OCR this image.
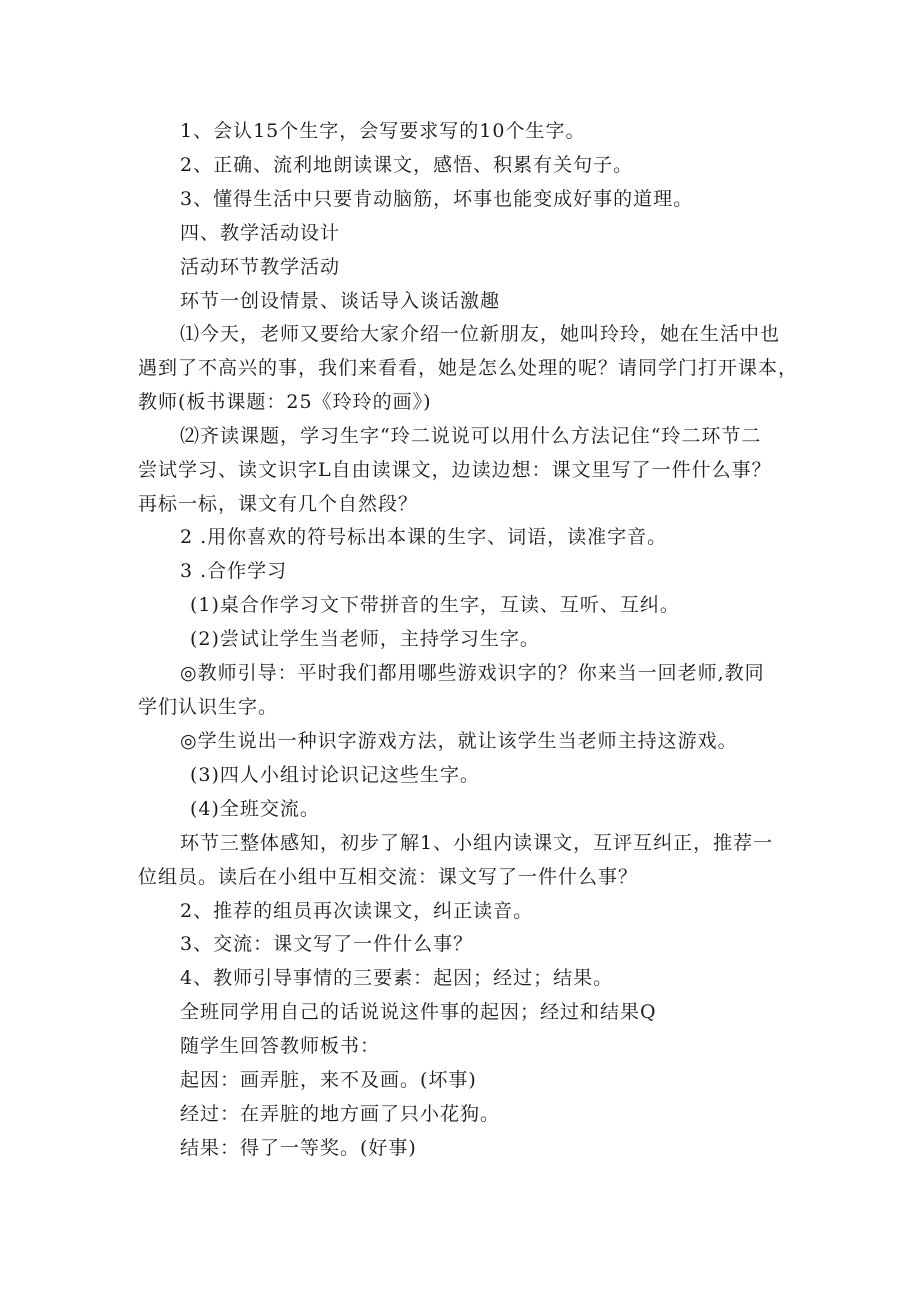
1、会认15个生字，会写要求写的10个生字。
2、正确、流利地朗读课文，感悟、积累有关句子。
3、懂得生活中只要肯动脑筋，坏事也能变成好事的道理。
四、教学活动设计
活动环节教学活动
环节一创设情景、谈话导入谈话激趣
⑴今天，老师又要给大家介绍一位新朋友，她叫玲玲，她在生活中也
遇到了不高兴的事，我们来看看，她是怎么处理的呢？请同学门打开课本，
教师(板书课题：25《玲玲的画》)
⑵齐读课题，学习生字“玲二说说可以用什么方法记住“玲二环节二
尝试学习、读文识字L自由读课文，边读边想：课文里写了一件什么事？
再标一标，课文有几个自然段？
2 .用你喜欢的符号标出本课的生字、词语，读准字音。
3 .合作学习
(1)桌合作学习文下带拼音的生字，互读、互听、互纠。
(2)尝试让学生当老师，主持学习生字。
◎教师引导：平时我们都用哪些游戏识字的？你来当一回老师,教同
学们认识生字。
◎学生说出一种识字游戏方法，就让该学生当老师主持这游戏。
(3)四人小组讨论识记这些生字。
(4)全班交流。
环节三整体感知，初步了解1、小组内读课文，互评互纠正，推荐一
位组员。读后在小组中互相交流：课文写了一件什么事？
2、推荐的组员再次读课文，纠正读音。
3、交流：课文写了一件什么事？
4、教师引导事情的三要素：起因；经过；结果。
全班同学用自己的话说说这件事的起因；经过和结果Q
随学生回答教师板书：
起因：画弄脏，来不及画。(坏事)
经过：在弄脏的地方画了只小花狗。
结果：得了一等奖。(好事)
